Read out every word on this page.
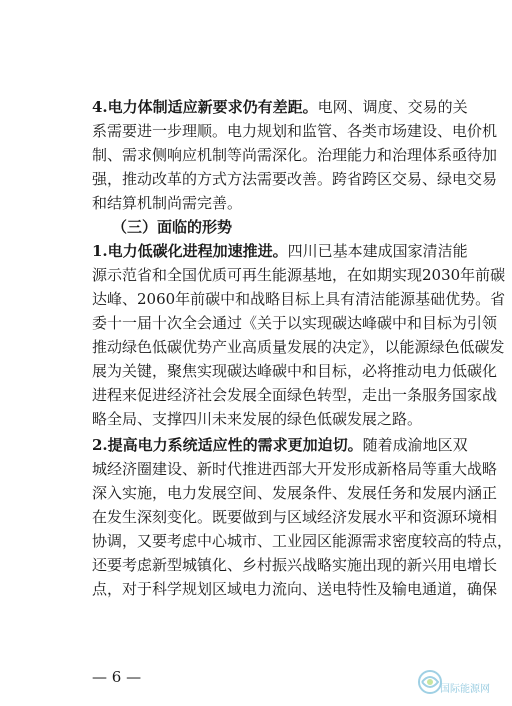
4.电力体制适应新要求仍有差距。电网、调度、交易的关
系需要进一步理顺。电力规划和监管、各类市场建设、电价机
制、需求侧响应机制等尚需深化。治理能力和治理体系亟待加
强，推动改革的方式方法需要改善。跨省跨区交易、绿电交易
和结算机制尚需完善。
（三）面临的形势
1.电力低碳化进程加速推进。四川已基本建成国家清洁能
源示范省和全国优质可再生能源基地，在如期实现2030年前碳
达峰、2060年前碳中和战略目标上具有清洁能源基础优势。省
委十一届十次全会通过《关于以实现碳达峰碳中和目标为引领
推动绿色低碳优势产业高质量发展的决定》，以能源绿色低碳发
展为关键，聚焦实现碳达峰碳中和目标，必将推动电力低碳化
进程来促进经济社会发展全面绿色转型，走出一条服务国家战
略全局、支撑四川未来发展的绿色低碳发展之路。
2.提高电力系统适应性的需求更加迫切。随着成渝地区双
城经济圈建设、新时代推进西部大开发形成新格局等重大战略
深入实施，电力发展空间、发展条件、发展任务和发展内涵正
在发生深刻变化。既要做到与区域经济发展水平和资源环境相
协调，又要考虑中心城市、工业园区能源需求密度较高的特点，
还要考虑新型城镇化、乡村振兴战略实施出现的新兴用电增长
点，对于科学规划区域电力流向、送电特性及输电通道，确保
— 6 —
国际能源网
